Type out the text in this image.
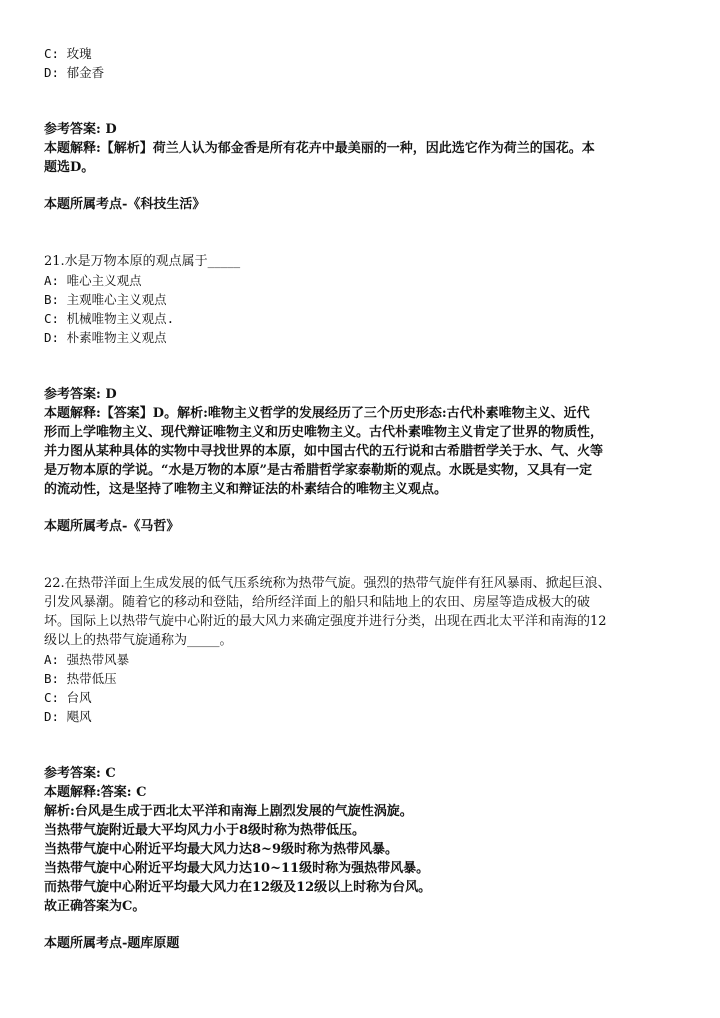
C: 玫瑰
D: 郁金香
参考答案: D
本题解释:【解析】荷兰人认为郁金香是所有花卉中最美丽的一种，因此选它作为荷兰的国花。本
题选D。
本题所属考点-《科技生活》
21.水是万物本原的观点属于_____
A: 唯心主义观点
B: 主观唯心主义观点
C: 机械唯物主义观点.
D: 朴素唯物主义观点
参考答案: D
本题解释:【答案】D。解析:唯物主义哲学的发展经历了三个历史形态:古代朴素唯物主义、近代
形而上学唯物主义、现代辩证唯物主义和历史唯物主义。古代朴素唯物主义肯定了世界的物质性，
并力图从某种具体的实物中寻找世界的本原，如中国古代的五行说和古希腊哲学关于水、气、火等
是万物本原的学说。“水是万物的本原”是古希腊哲学家泰勒斯的观点。水既是实物，又具有一定
的流动性，这是坚持了唯物主义和辩证法的朴素结合的唯物主义观点。
本题所属考点-《马哲》
22.在热带洋面上生成发展的低气压系统称为热带气旋。强烈的热带气旋伴有狂风暴雨、掀起巨浪、
引发风暴潮。随着它的移动和登陆，给所经洋面上的船只和陆地上的农田、房屋等造成极大的破
坏。国际上以热带气旋中心附近的最大风力来确定强度并进行分类，出现在西北太平洋和南海的12
级以上的热带气旋通称为_____。
A: 强热带风暴
B: 热带低压
C: 台风
D: 飓风
参考答案: C
本题解释:答案: C
解析:台风是生成于西北太平洋和南海上剧烈发展的气旋性涡旋。
当热带气旋附近最大平均风力小于8级时称为热带低压。
当热带气旋中心附近平均最大风力达8~9级时称为热带风暴。
当热带气旋中心附近平均最大风力达10~11级时称为强热带风暴。
而热带气旋中心附近平均最大风力在12级及12级以上时称为台风。
故正确答案为C。
本题所属考点-题库原题
